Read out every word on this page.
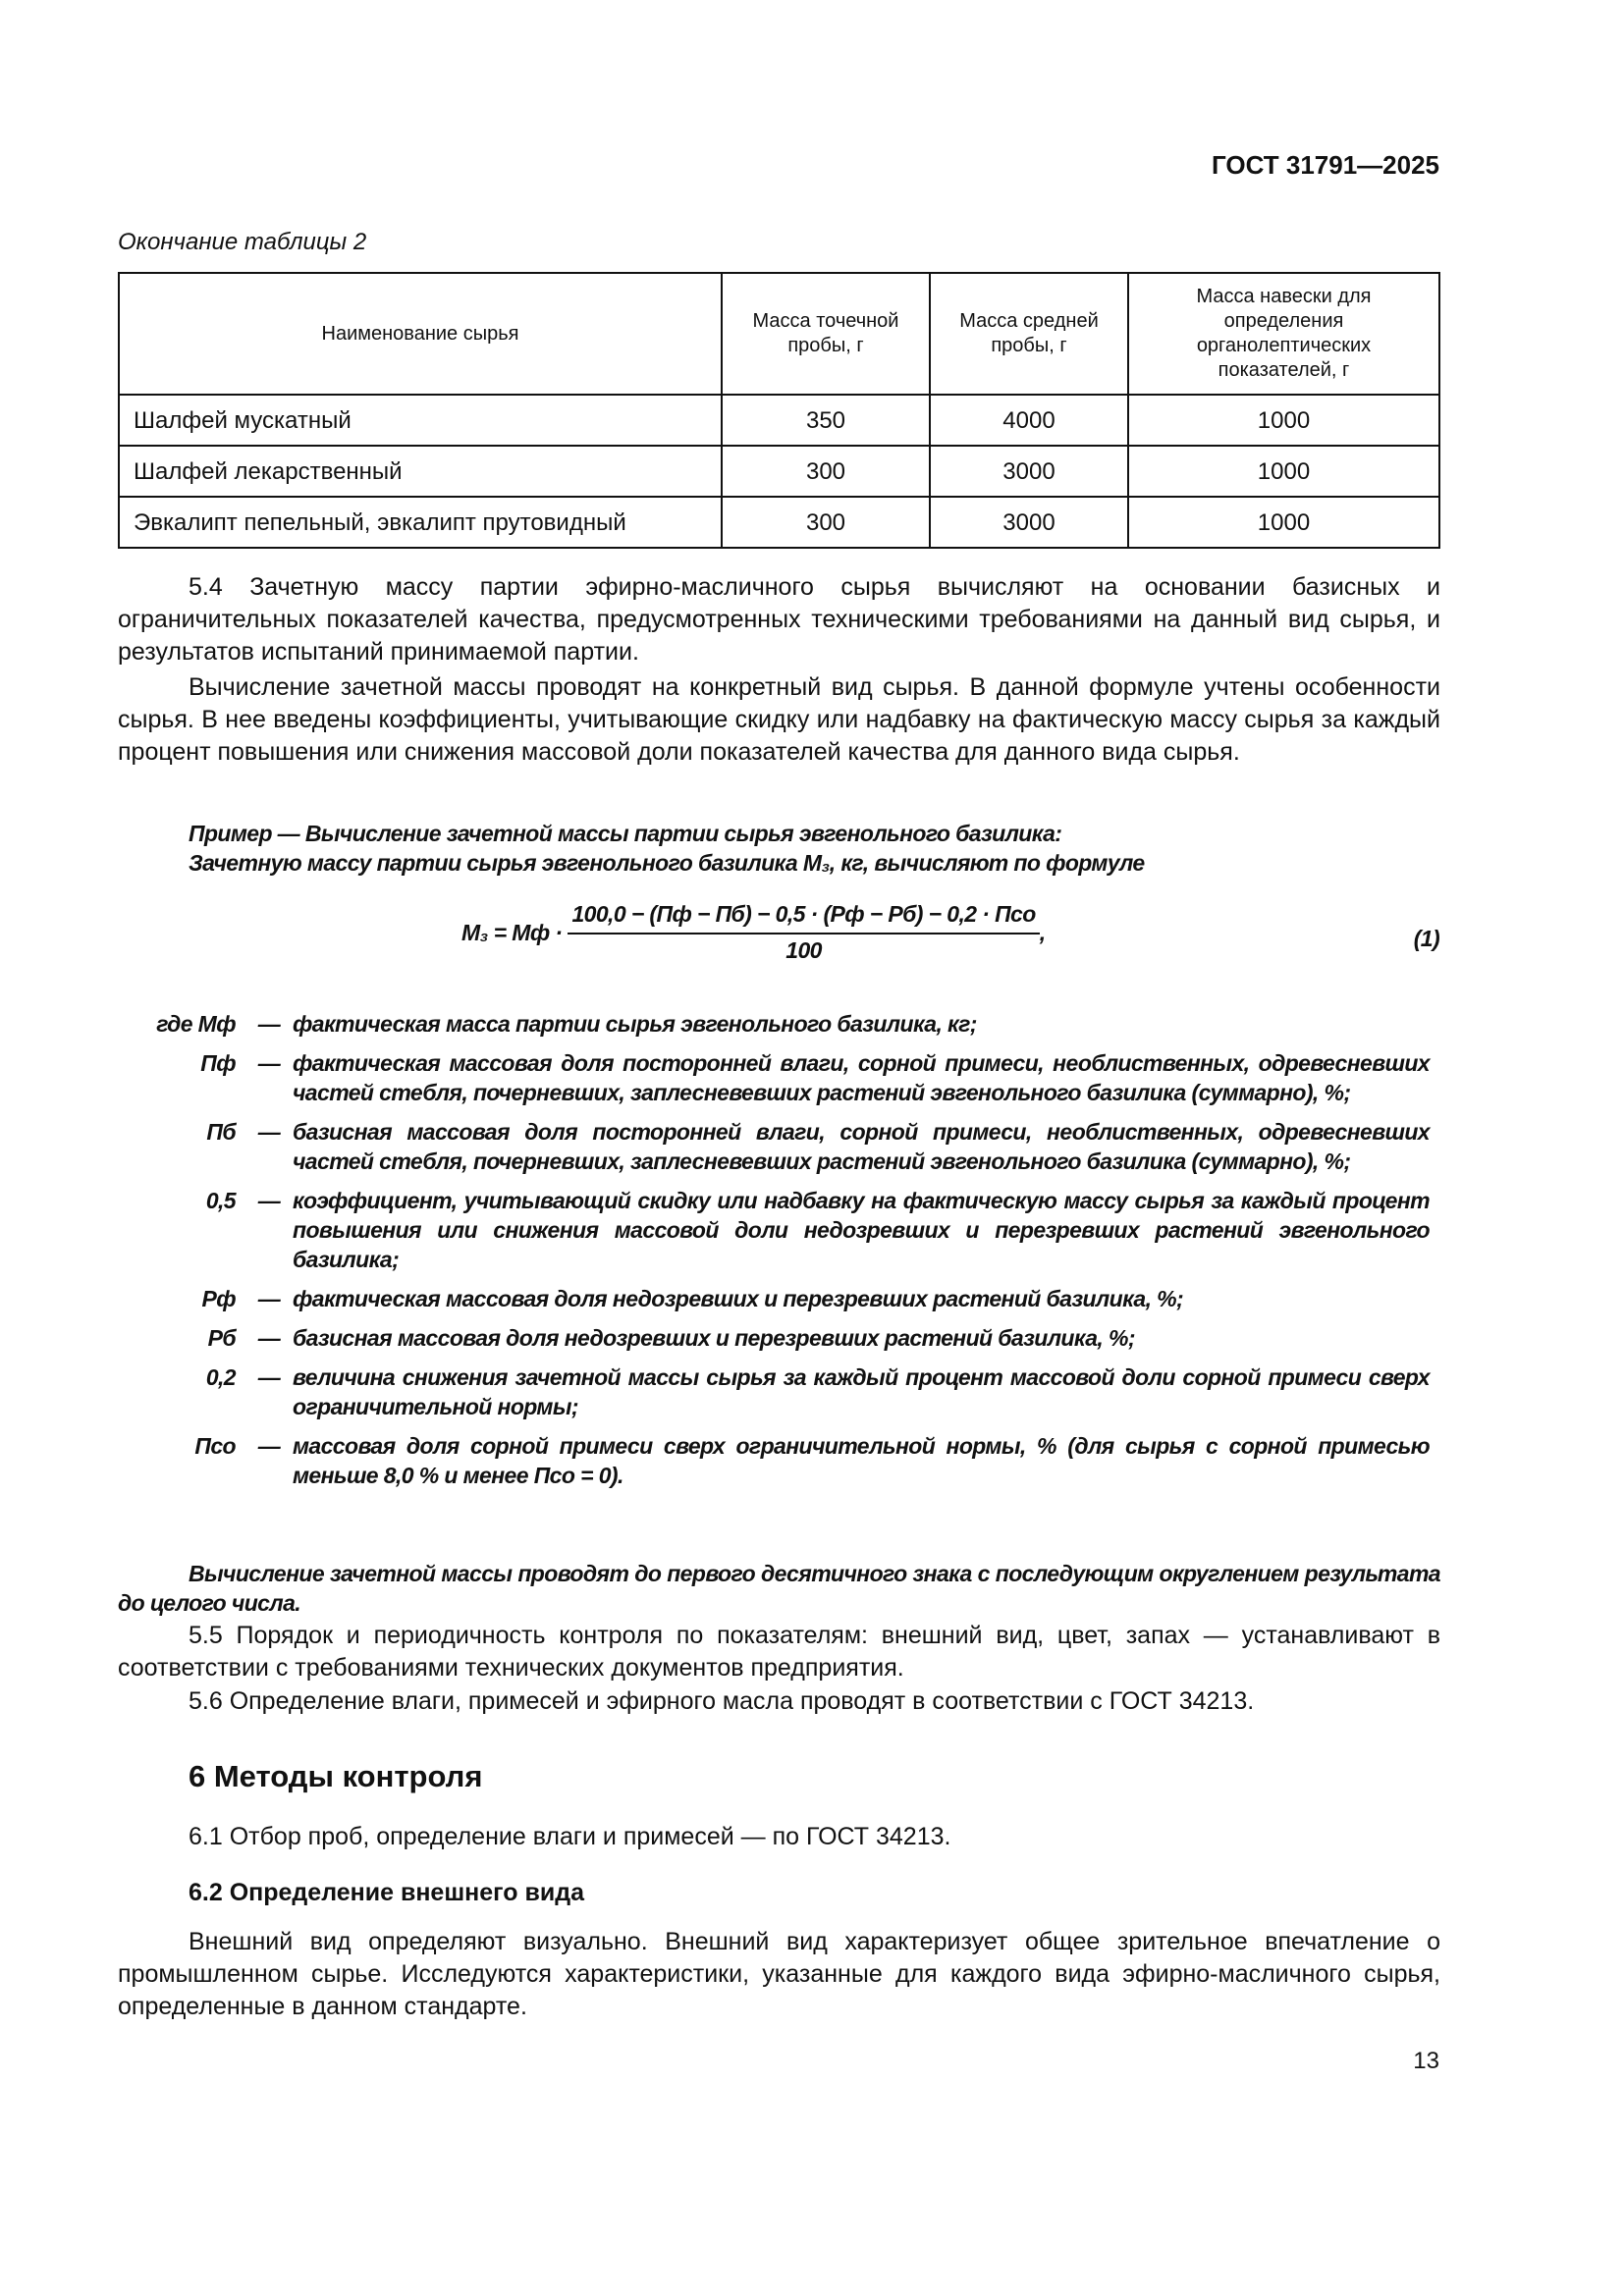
ГОСТ 31791—2025
Окончание таблицы 2
Наименование сырья	Масса точечной пробы, г	Масса средней пробы, г	Масса навески для определения органолептических показателей, г
Шалфей мускатный	350	4000	1000
Шалфей лекарственный	300	3000	1000
Эвкалипт пепельный, эвкалипт прутовидный	300	3000	1000
5.4 Зачетную массу партии эфирно-масличного сырья вычисляют на основании базисных и ограничительных показателей качества, предусмотренных техническими требованиями на данный вид сырья, и результатов испытаний принимаемой партии.
Вычисление зачетной массы проводят на конкретный вид сырья. В данной формуле учтены особенности сырья. В нее введены коэффициенты, учитывающие скидку или надбавку на фактическую массу сырья за каждый процент повышения или снижения массовой доли показателей качества для данного вида сырья.
Пример — Вычисление зачетной массы партии сырья эвгенольного базилика:
Зачетную массу партии сырья эвгенольного базилика М₃, кг, вычисляют по формуле
M₃ = Mф · $\frac{\text{100,0 − (Пф − Пб) − 0,5 · (Рф − Рб) − 0,2 · Псо}}{100}$ ,	(1)
где Mф — фактическая масса партии сырья эвгенольного базилика, кг;
Пф — фактическая массовая доля посторонней влаги, сорной примеси, необлиственных, одревесневших частей стебля, почерневших, заплесневевших растений эвгенольного базилика (суммарно), %;
Пб — базисная массовая доля посторонней влаги, сорной примеси, необлиственных, одревесневших частей стебля, почерневших, заплесневевших растений эвгенольного базилика (суммарно), %;
0,5 — коэффициент, учитывающий скидку или надбавку на фактическую массу сырья за каждый процент повышения или снижения массовой доли недозревших и перезревших растений эвгенольного базилика;
Рф — фактическая массовая доля недозревших и перезревших растений базилика, %;
Рб — базисная массовая доля недозревших и перезревших растений базилика, %;
0,2 — величина снижения зачетной массы сырья за каждый процент массовой доли сорной примеси сверх ограничительной нормы;
Псо — массовая доля сорной примеси сверх ограничительной нормы, % (для сырья с сорной примесью меньше 8,0 % и менее Псо = 0).
Вычисление зачетной массы проводят до первого десятичного знака с последующим округлением результата до целого числа.
5.5 Порядок и периодичность контроля по показателям: внешний вид, цвет, запах — устанавливают в соответствии с требованиями технических документов предприятия.
5.6 Определение влаги, примесей и эфирного масла проводят в соответствии с ГОСТ 34213.
6 Методы контроля
6.1 Отбор проб, определение влаги и примесей — по ГОСТ 34213.
6.2 Определение внешнего вида
Внешний вид определяют визуально. Внешний вид характеризует общее зрительное впечатление о промышленном сырье. Исследуются характеристики, указанные для каждого вида эфирно-масличного сырья, определенные в данном стандарте.
13
